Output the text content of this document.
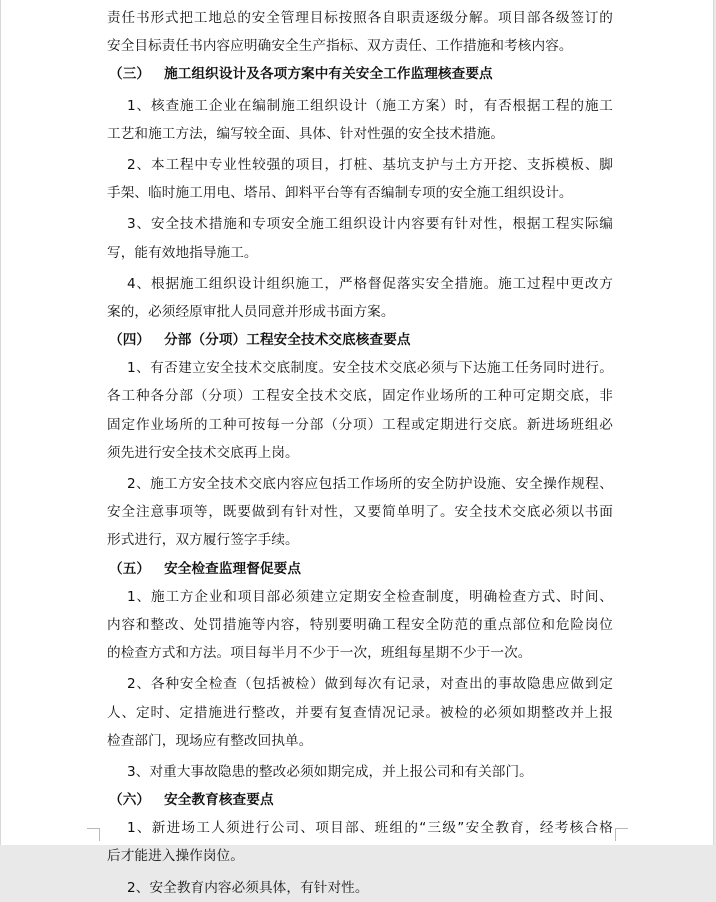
责任书形式把工地总的安全管理目标按照各自职责逐级分解。项目部各级签订的
安全目标责任书内容应明确安全生产指标、双方责任、工作措施和考核内容。
（三） 施工组织设计及各项方案中有关安全工作监理核查要点
1、核查施工企业在编制施工组织设计（施工方案）时，有否根据工程的施工
工艺和施工方法，编写较全面、具体、针对性强的安全技术措施。
2、本工程中专业性较强的项目，打桩、基坑支护与土方开挖、支拆模板、脚
手架、临时施工用电、塔吊、卸料平台等有否编制专项的安全施工组织设计。
3、安全技术措施和专项安全施工组织设计内容要有针对性，根据工程实际编
写，能有效地指导施工。
4、根据施工组织设计组织施工，严格督促落实安全措施。施工过程中更改方
案的，必须经原审批人员同意并形成书面方案。
（四） 分部（分项）工程安全技术交底核查要点
1、有否建立安全技术交底制度。安全技术交底必须与下达施工任务同时进行。
各工种各分部（分项）工程安全技术交底，固定作业场所的工种可定期交底，非
固定作业场所的工种可按每一分部（分项）工程或定期进行交底。新进场班组必
须先进行安全技术交底再上岗。
2、施工方安全技术交底内容应包括工作场所的安全防护设施、安全操作规程、
安全注意事项等，既要做到有针对性，又要简单明了。安全技术交底必须以书面
形式进行，双方履行签字手续。
（五） 安全检查监理督促要点
1、施工方企业和项目部必须建立定期安全检查制度，明确检查方式、时间、
内容和整改、处罚措施等内容，特别要明确工程安全防范的重点部位和危险岗位
的检查方式和方法。项目每半月不少于一次，班组每星期不少于一次。
2、各种安全检查（包括被检）做到每次有记录，对查出的事故隐患应做到定
人、定时、定措施进行整改，并要有复查情况记录。被检的必须如期整改并上报
检查部门，现场应有整改回执单。
3、对重大事故隐患的整改必须如期完成，并上报公司和有关部门。
（六） 安全教育核查要点
1、新进场工人须进行公司、项目部、班组的“三级”安全教育，经考核合格
后才能进入操作岗位。
2、安全教育内容必须具体，有针对性。
